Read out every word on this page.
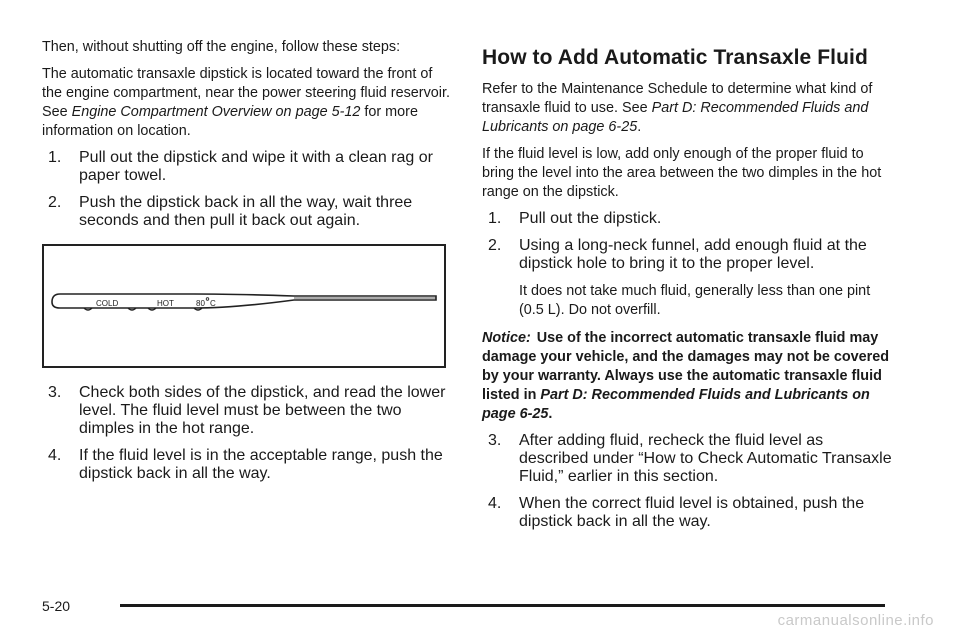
Then, without shutting off the engine, follow these steps:

The automatic transaxle dipstick is located toward the front of the engine compartment, near the power steering fluid reservoir. See Engine Compartment Overview on page 5-12 for more information on location.

1. Pull out the dipstick and wipe it with a clean rag or paper towel.
2. Push the dipstick back in all the way, wait three seconds and then pull it back out again.
COLD	HOT	80 C
3. Check both sides of the dipstick, and read the lower level. The fluid level must be between the two dimples in the hot range.
4. If the fluid level is in the acceptable range, push the dipstick back in all the way.
How to Add Automatic Transaxle Fluid

Refer to the Maintenance Schedule to determine what kind of transaxle fluid to use. See Part D: Recommended Fluids and Lubricants on page 6-25.

If the fluid level is low, add only enough of the proper fluid to bring the level into the area between the two dimples in the hot range on the dipstick.

1. Pull out the dipstick.
2. Using a long-neck funnel, add enough fluid at the dipstick hole to bring it to the proper level.

It does not take much fluid, generally less than one pint (0.5 L). Do not overfill.

Notice: Use of the incorrect automatic transaxle fluid may damage your vehicle, and the damages may not be covered by your warranty. Always use the automatic transaxle fluid listed in Part D: Recommended Fluids and Lubricants on page 6-25.

3. After adding fluid, recheck the fluid level as described under “How to Check Automatic Transaxle Fluid,” earlier in this section.
4. When the correct fluid level is obtained, push the dipstick back in all the way.
5-20
carmanualsonline.info
